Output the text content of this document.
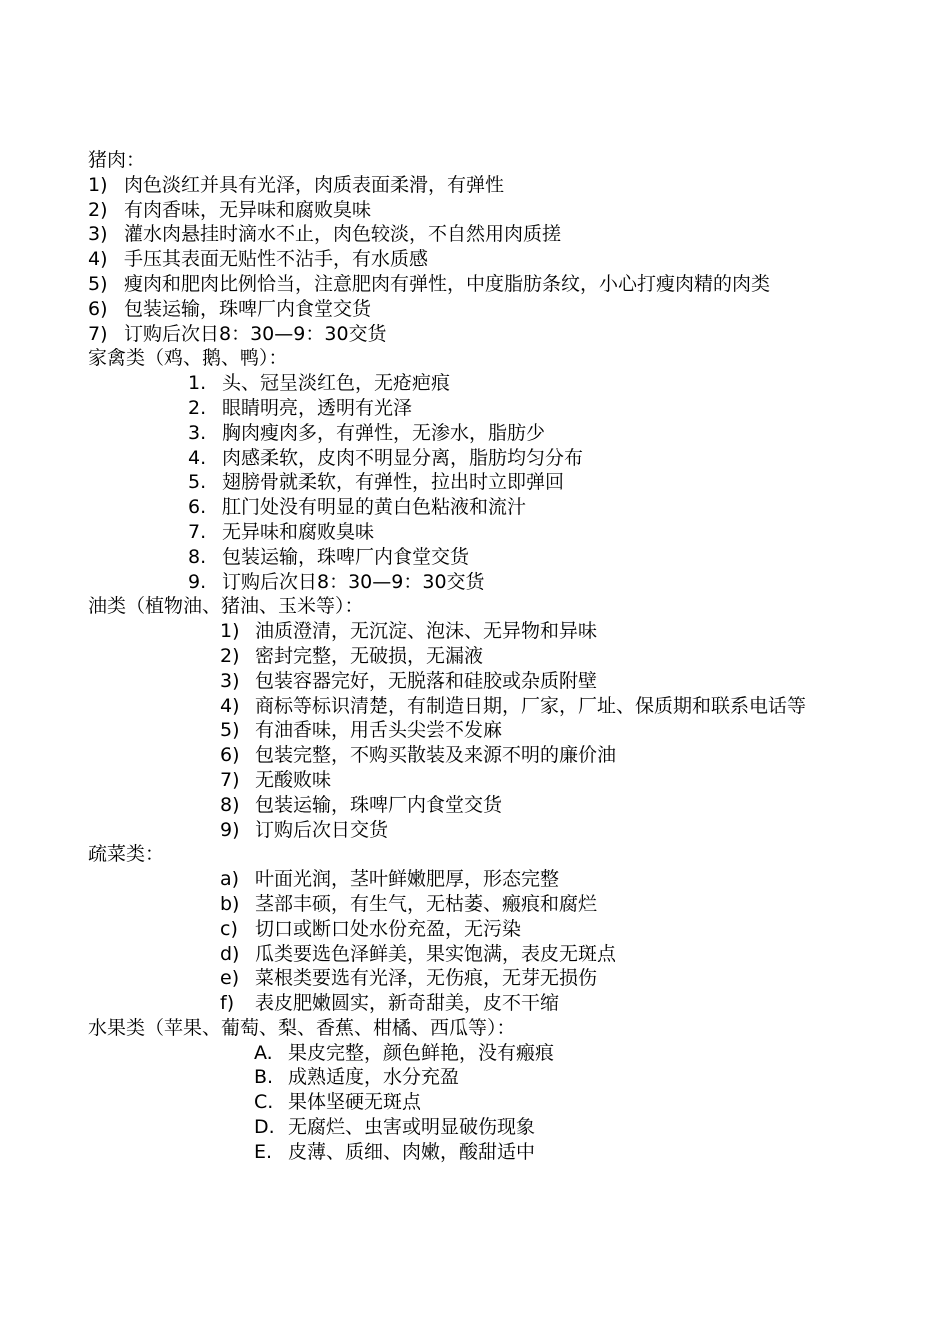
猪肉：
1) 肉色淡红并具有光泽，肉质表面柔滑，有弹性
2) 有肉香味，无异味和腐败臭味
3) 灌水肉悬挂时滴水不止，肉色较淡，不自然用肉质搓
4) 手压其表面无贴性不沾手，有水质感
5) 瘦肉和肥肉比例恰当，注意肥肉有弹性，中度脂肪条纹，小心打瘦肉精的肉类
6) 包装运输，珠啤厂内食堂交货
7) 订购后次日8：30—9：30交货
家禽类（鸡、鹅、鸭）：
1. 头、冠呈淡红色，无疮疤痕
2. 眼睛明亮，透明有光泽
3. 胸肉瘦肉多，有弹性，无渗水，脂肪少
4. 肉感柔软，皮肉不明显分离，脂肪均匀分布
5. 翅膀骨就柔软，有弹性，拉出时立即弹回
6. 肛门处没有明显的黄白色粘液和流汁
7. 无异味和腐败臭味
8. 包装运输，珠啤厂内食堂交货
9. 订购后次日8：30—9：30交货
油类（植物油、猪油、玉米等）：
1) 油质澄清，无沉淀、泡沫、无异物和异味
2) 密封完整，无破损，无漏液
3) 包装容器完好，无脱落和硅胶或杂质附壁
4) 商标等标识清楚，有制造日期，厂家，厂址、保质期和联系电话等
5) 有油香味，用舌头尖尝不发麻
6) 包装完整，不购买散装及来源不明的廉价油
7) 无酸败味
8) 包装运输，珠啤厂内食堂交货
9) 订购后次日交货
疏菜类：
a) 叶面光润，茎叶鲜嫩肥厚，形态完整
b) 茎部丰硕，有生气，无枯萎、瘢痕和腐烂
c) 切口或断口处水份充盈，无污染
d) 瓜类要选色泽鲜美，果实饱满，表皮无斑点
e) 菜根类要选有光泽，无伤痕，无芽无损伤
f)	表皮肥嫩圆实，新奇甜美，皮不干缩
水果类（苹果、葡萄、梨、香蕉、柑橘、西瓜等）：
A. 果皮完整，颜色鲜艳，没有瘢痕
B. 成熟适度，水分充盈
C. 果体坚硬无斑点
D. 无腐烂、虫害或明显破伤现象
E. 皮薄、质细、肉嫩，酸甜适中
